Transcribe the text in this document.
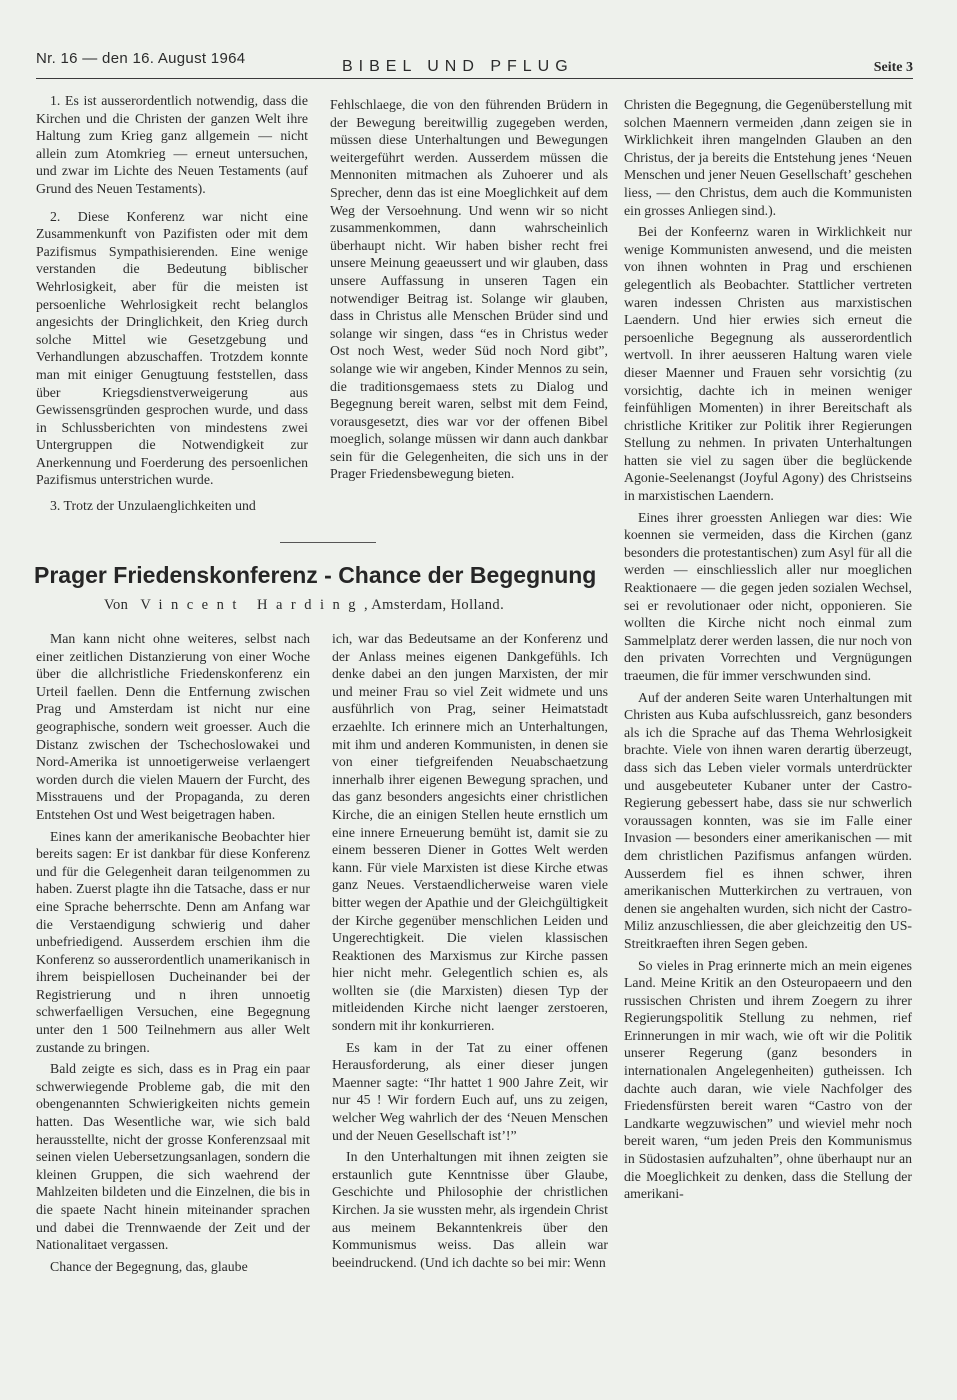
Nr. 16 — den 16. August 1964	BIBEL UND PFLUG	Seite 3

1. Es ist ausserordentlich notwendig, dass die Kirchen und die Christen der ganzen Welt ihre Haltung zum Krieg ganz allgemein — nicht allein zum Atomkrieg — erneut untersuchen, und zwar im Lichte des Neuen Testaments (auf Grund des Neuen Testaments).

2. Diese Konferenz war nicht eine Zusammenkunft von Pazifisten oder mit dem Pazifismus Sympathisierenden. Eine wenige verstanden die Bedeutung biblischer Wehrlosigkeit, aber für die meisten ist persoenliche Wehrlosigkeit recht belanglos angesichts der Dringlichkeit, den Krieg durch solche Mittel wie Gesetzgebung und Verhandlungen abzuschaffen. Trotzdem konnte man mit einiger Genugtuung feststellen, dass über Kriegsdienstverweigerung aus Gewissensgründen gesprochen wurde, und dass in Schlussberichten von mindestens zwei Untergruppen die Notwendigkeit zur Anerkennung und Foerderung des persoenlichen Pazifismus unterstrichen wurde.

3. Trotz der Unzulaenglichkeiten und

Fehlschlaege, die von den führenden Brüdern in der Bewegung bereitwillig zugegeben werden, müssen diese Unterhaltungen und Bewegungen weitergeführt werden. Ausserdem müssen die Mennoniten mitmachen als Zuhoerer und als Sprecher, denn das ist eine Moeglichkeit auf dem Weg der Versoehnung. Und wenn wir so nicht zusammenkommen, dann wahrscheinlich überhaupt nicht. Wir haben bisher recht frei unsere Meinung geaeussert und wir glauben, dass unsere Auffassung in unseren Tagen ein notwendiger Beitrag ist. Solange wir glauben, dass in Christus alle Menschen Brüder sind und solange wir singen, dass “es in Christus weder Ost noch West, weder Süd noch Nord gibt”, solange wie wir angeben, Kinder Mennos zu sein, die traditionsgemaess stets zu Dialog und Begegnung bereit waren, selbst mit dem Feind, vorausgesetzt, dies war vor der offenen Bibel moeglich, solange müssen wir dann auch dankbar sein für die Gelegenheiten, die sich uns in der Prager Friedensbewegung bieten.

Prager Friedenskonferenz - Chance der Begegnung
Von Vincent Harding, Amsterdam, Holland.

Man kann nicht ohne weiteres, selbst nach einer zeitlichen Distanzierung von einer Woche über die allchristliche Friedenskonferenz ein Urteil faellen. Denn die Entfernung zwischen Prag und Amsterdam ist nicht nur eine geographische, sondern weit groesser. Auch die Distanz zwischen der Tschechoslowakei und Nord-Amerika ist unnoetigerweise verlaengert worden durch die vielen Mauern der Furcht, des Misstrauens und der Propaganda, zu deren Entstehen Ost und West beigetragen haben.

Eines kann der amerikanische Beobachter hier bereits sagen: Er ist dankbar für diese Konferenz und für die Gelegenheit daran teilgenommen zu haben. Zuerst plagte ihn die Tatsache, dass er nur eine Sprache beherrschte. Denn am Anfang war die Verstaendigung schwierig und daher unbefriedigend. Ausserdem erschien ihm die Konferenz so ausserordentlich unamerikanisch in ihrem beispiellosen Ducheinander bei der Registrierung und n ihren unnoetig schwerfaelligen Versuchen, eine Begegnung unter den 1 500 Teilnehmern aus aller Welt zustande zu bringen.

Bald zeigte es sich, dass es in Prag ein paar schwerwiegende Probleme gab, die mit den obengenannten Schwierigkeiten nichts gemein hatten. Das Wesentliche war, wie sich bald herausstellte, nicht der grosse Konferenzsaal mit seinen vielen Uebersetzungsanlagen, sondern die kleinen Gruppen, die sich waehrend der Mahlzeiten bildeten und die Einzelnen, die bis in die spaete Nacht hinein miteinander sprachen und dabei die Trennwaende der Zeit und der Nationalitaet vergassen.

Chance der Begegnung, das, glaube

ich, war das Bedeutsame an der Konferenz und der Anlass meines eigenen Dankgefühls. Ich denke dabei an den jungen Marxisten, der mir und meiner Frau so viel Zeit widmete und uns ausführlich von Prag, seiner Heimatstadt erzaehlte. Ich erinnere mich an Unterhaltungen, mit ihm und anderen Kommunisten, in denen sie von einer tiefgreifenden Neuabschaetzung innerhalb ihrer eigenen Bewegung sprachen, und das ganz besonders angesichts einer christlichen Kirche, die an einigen Stellen heute ernstlich um eine innere Erneuerung bemüht ist, damit sie zu einem besseren Diener in Gottes Welt werden kann. Für viele Marxisten ist diese Kirche etwas ganz Neues. Verstaendlicherweise waren viele bitter wegen der Apathie und der Gleichgültigkeit der Kirche gegenüber menschlichen Leiden und Ungerechtigkeit. Die vielen klassischen Reaktionen des Marxismus zur Kirche passen hier nicht mehr. Gelegentlich schien es, als wollten sie (die Marxisten) diesen Typ der mitleidenden Kirche nicht laenger zerstoeren, sondern mit ihr konkurrieren.

Es kam in der Tat zu einer offenen Herausforderung, als einer dieser jungen Maenner sagte: “Ihr hattet 1 900 Jahre Zeit, wir nur 45 ! Wir fordern Euch auf, uns zu zeigen, welcher Weg wahrlich der des ‘Neuen Menschen und der Neuen Gesellschaft ist’!”

In den Unterhaltungen mit ihnen zeigten sie erstaunlich gute Kenntnisse über Glaube, Geschichte und Philosophie der christlichen Kirchen. Ja sie wussten mehr, als irgendein Christ aus meinem Bekanntenkreis über den Kommunismus weiss. Das allein war beeindruckend. (Und ich dachte so bei mir: Wenn

Christen die Begegnung, die Gegenüberstellung mit solchen Maennern vermeiden ,dann zeigen sie in Wirklichkeit ihren mangelnden Glauben an den Christus, der ja bereits die Entstehung jenes ‘Neuen Menschen und jener Neuen Gesellschaft’ geschehen liess, — den Christus, dem auch die Kommunisten ein grosses Anliegen sind.).

Bei der Konfeernz waren in Wirklichkeit nur wenige Kommunisten anwesend, und die meisten von ihnen wohnten in Prag und erschienen gelegentlich als Beobachter. Stattlicher vertreten waren indessen Christen aus marxistischen Laendern. Und hier erwies sich erneut die persoenliche Begegnung als ausserordentlich wertvoll. In ihrer aeusseren Haltung waren viele dieser Maenner und Frauen sehr vorsichtig (zu vorsichtig, dachte ich in meinen weniger feinfühligen Momenten) in ihrer Bereitschaft als christliche Kritiker zur Politik ihrer Regierungen Stellung zu nehmen. In privaten Unterhaltungen hatten sie viel zu sagen über die beglückende Agonie-Seelenangst (Joyful Agony) des Christseins in marxistischen Laendern.

Eines ihrer groessten Anliegen war dies: Wie koennen sie vermeiden, dass die Kirchen (ganz besonders die protestantischen) zum Asyl für all die werden — einschliesslich aller nur moeglichen Reaktionaere — die gegen jeden sozialen Wechsel, sei er revolutionaer oder nicht, opponieren. Sie wollten die Kirche nicht noch einmal zum Sammelplatz derer werden lassen, die nur noch von den privaten Vorrechten und Vergnügungen traeumen, die für immer verschwunden sind.

Auf der anderen Seite waren Unterhaltungen mit Christen aus Kuba aufschlussreich, ganz besonders als ich die Sprache auf das Thema Wehrlosigkeit brachte. Viele von ihnen waren derartig überzeugt, dass sich das Leben vieler vormals unterdrückter und ausgebeuteter Kubaner unter der Castro-Regierung gebessert habe, dass sie nur schwerlich voraussagen konnten, was sie im Falle einer Invasion — besonders einer amerikanischen — mit dem christlichen Pazifismus anfangen würden. Ausserdem fiel es ihnen schwer, ihren amerikanischen Mutterkirchen zu vertrauen, von denen sie angehalten wurden, sich nicht der Castro-Miliz anzuschliessen, die aber gleichzeitig den US-Streitkraeften ihren Segen geben.

So vieles in Prag erinnerte mich an mein eigenes Land. Meine Kritik an den Osteuropaeern und den russischen Christen und ihrem Zoegern zu ihrer Regierungspolitik Stellung zu nehmen, rief Erinnerungen in mir wach, wie oft wir die Politik unserer Regerung (ganz besonders in internationalen Angelegenheiten) gutheissen. Ich dachte auch daran, wie viele Nachfolger des Friedensfürsten bereit waren “Castro von der Landkarte wegzuwischen” und wieviel mehr noch bereit waren, “um jeden Preis den Kommunismus in Südostasien aufzuhalten”, ohne überhaupt nur an die Moeglichkeit zu denken, dass die Stellung der amerikani-
